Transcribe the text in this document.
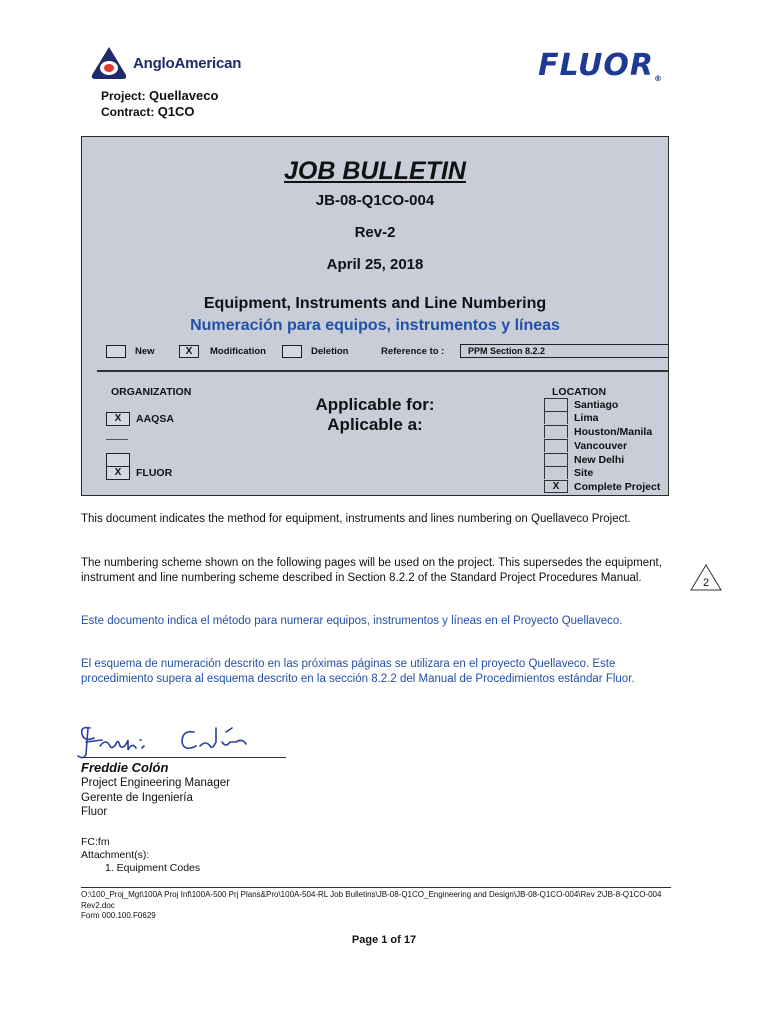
AngloAmerican	FLUOR®
Project: Quellaveco
Contract: Q1CO
JOB BULLETIN
JB-08-Q1CO-004
Rev-2
April 25, 2018
Equipment, Instruments and Line Numbering
Numeración para equipos, instrumentos y líneas
New	X	Modification	Deletion	Reference to :	PPM Section 8.2.2
ORGANIZATION
X	AAQSA
X	FLUOR
Applicable for:
Aplicable a:
LOCATION
Santiago
Lima
Houston/Manila
Vancouver
New Delhi
Site
X	Complete Project
This document indicates the method for equipment, instruments and lines numbering on Quellaveco Project.
The numbering scheme shown on the following pages will be used on the project. This supersedes the equipment, instrument and line numbering scheme described in Section 8.2.2 of the Standard Project Procedures Manual.	2
Este documento indica el método para numerar equipos, instrumentos y líneas en el Proyecto Quellaveco.
El esquema de numeración descrito en las próximas páginas se utilizara en el proyecto Quellaveco. Este procedimiento supera al esquema descrito en la sección 8.2.2 del Manual de Procedimientos estándar Fluor.
Freddie Colón
Project Engineering Manager
Gerente de Ingeniería
Fluor
FC:fm
Attachment(s):
1. Equipment Codes
O:\100_Proj_Mgt\100A Proj Inf\100A-500 Prj Plans&Pro\100A-504-RL Job Bulletins\JB-08-Q1CO_Engineering and Design\JB-08-Q1CO-004\Rev 2\JB-8-Q1CO-004 Rev2.doc
Form 000.100.F0629
Page 1 of 17
